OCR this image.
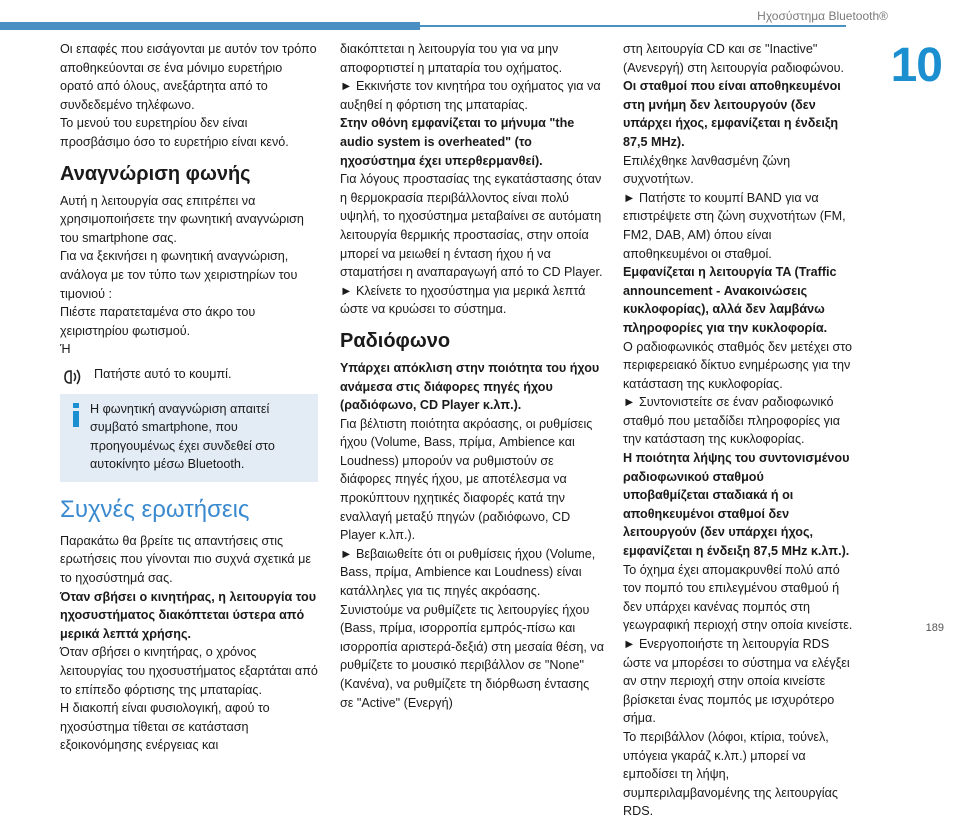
Ηχοσύστημα Bluetooth®
10

Οι επαφές που εισάγονται με αυτόν τον τρόπο αποθηκεύονται σε ένα μόνιμο ευρετήριο ορατό από όλους, ανεξάρτητα από το συνδεδεμένο τηλέφωνο.

Το μενού του ευρετηρίου δεν είναι προσβάσιμο όσο το ευρετήριο είναι κενό.

Αναγνώριση φωνής

Αυτή η λειτουργία σας επιτρέπει να χρησιμοποιήσετε την φωνητική αναγνώριση του smartphone σας.

Για να ξεκινήσει η φωνητική αναγνώριση, ανάλογα με τον τύπο των χειριστηρίων του τιμονιού :

Πιέστε παρατεταμένα στο άκρο του χειριστηρίου φωτισμού.

Ή

Πατήστε αυτό το κουμπί.
Η φωνητική αναγνώριση απαιτεί συμβατό smartphone, που προηγουμένως έχει συνδεθεί στο αυτοκίνητο μέσω Bluetooth.
Συχνές ερωτήσεις

Παρακάτω θα βρείτε τις απαντήσεις στις ερωτήσεις που γίνονται πιο συχνά σχετικά με το ηχοσύστημά σας.

Όταν σβήσει ο κινητήρας, η λειτουργία του ηχοσυστήματος διακόπτεται ύστερα από μερικά λεπτά χρήσης.

Όταν σβήσει ο κινητήρας, ο χρόνος λειτουργίας του ηχοσυστήματος εξαρτάται από το επίπεδο φόρτισης της μπαταρίας.

Η διακοπή είναι φυσιολογική, αφού το ηχοσύστημα τίθεται σε κατάσταση εξοικονόμησης ενέργειας και

διακόπτεται η λειτουργία του για να μην αποφορτιστεί η μπαταρία του οχήματος.

► Εκκινήστε τον κινητήρα του οχήματος για να αυξηθεί η φόρτιση της μπαταρίας.

Στην οθόνη εμφανίζεται το μήνυμα "the audio system is overheated" (το ηχοσύστημα έχει υπερθερμανθεί).

Για λόγους προστασίας της εγκατάστασης όταν η θερμοκρασία περιβάλλοντος είναι πολύ υψηλή, το ηχοσύστημα μεταβαίνει σε αυτόματη λειτουργία θερμικής προστασίας, στην οποία μπορεί να μειωθεί η ένταση ήχου ή να σταματήσει η αναπαραγωγή από το CD Player.

► Κλείνετε το ηχοσύστημα για μερικά λεπτά ώστε να κρυώσει το σύστημα.

Ραδιόφωνο

Υπάρχει απόκλιση στην ποιότητα του ήχου ανάμεσα στις διάφορες πηγές ήχου (ραδιόφωνο, CD Player κ.λπ.).

Για βέλτιστη ποιότητα ακρόασης, οι ρυθμίσεις ήχου (Volume, Bass, πρίμα, Ambience και Loudness) μπορούν να ρυθμιστούν σε διάφορες πηγές ήχου, με αποτέλεσμα να προκύπτουν ηχητικές διαφορές κατά την εναλλαγή μεταξύ πηγών (ραδιόφωνο, CD Player κ.λπ.).

► Βεβαιωθείτε ότι οι ρυθμίσεις ήχου (Volume, Bass, πρίμα, Ambience και Loudness) είναι κατάλληλες για τις πηγές ακρόασης. Συνιστούμε να ρυθμίζετε τις λειτουργίες ήχου (Bass, πρίμα, ισορροπία εμπρός-πίσω και ισορροπία αριστερά-δεξιά) στη μεσαία θέση, να ρυθμίζετε το μουσικό περιβάλλον σε "None" (Κανένα), να ρυθμίζετε τη διόρθωση έντασης σε "Active" (Ενεργή)

στη λειτουργία CD και σε "Inactive" (Ανενεργή) στη λειτουργία ραδιοφώνου.

Οι σταθμοί που είναι αποθηκευμένοι στη μνήμη δεν λειτουργούν (δεν υπάρχει ήχος, εμφανίζεται η ένδειξη 87,5 MHz).

Επιλέχθηκε λανθασμένη ζώνη συχνοτήτων.

► Πατήστε το κουμπί BAND για να επιστρέψετε στη ζώνη συχνοτήτων (FM, FM2, DAB, AM) όπου είναι αποθηκευμένοι οι σταθμοί.

Εμφανίζεται η λειτουργία TA (Traffic announcement - Ανακοινώσεις κυκλοφορίας), αλλά δεν λαμβάνω πληροφορίες για την κυκλοφορία.

Ο ραδιοφωνικός σταθμός δεν μετέχει στο περιφερειακό δίκτυο ενημέρωσης για την κατάσταση της κυκλοφορίας.

► Συντονιστείτε σε έναν ραδιοφωνικό σταθμό που μεταδίδει πληροφορίες για την κατάσταση της κυκλοφορίας.

Η ποιότητα λήψης του συντονισμένου ραδιοφωνικού σταθμού υποβαθμίζεται σταδιακά ή οι αποθηκευμένοι σταθμοί δεν λειτουργούν (δεν υπάρχει ήχος, εμφανίζεται η ένδειξη 87,5 MHz κ.λπ.).

Το όχημα έχει απομακρυνθεί πολύ από τον πομπό του επιλεγμένου σταθμού ή δεν υπάρχει κανένας πομπός στη γεωγραφική περιοχή στην οποία κινείστε.

► Ενεργοποιήστε τη λειτουργία RDS ώστε να μπορέσει το σύστημα να ελέγξει αν στην περιοχή στην οποία κινείστε βρίσκεται ένας πομπός με ισχυρότερο σήμα.

Το περιβάλλον (λόφοι, κτίρια, τούνελ, υπόγεια γκαράζ κ.λπ.) μπορεί να εμποδίσει τη λήψη, συμπεριλαμβανομένης της λειτουργίας RDS.

189
